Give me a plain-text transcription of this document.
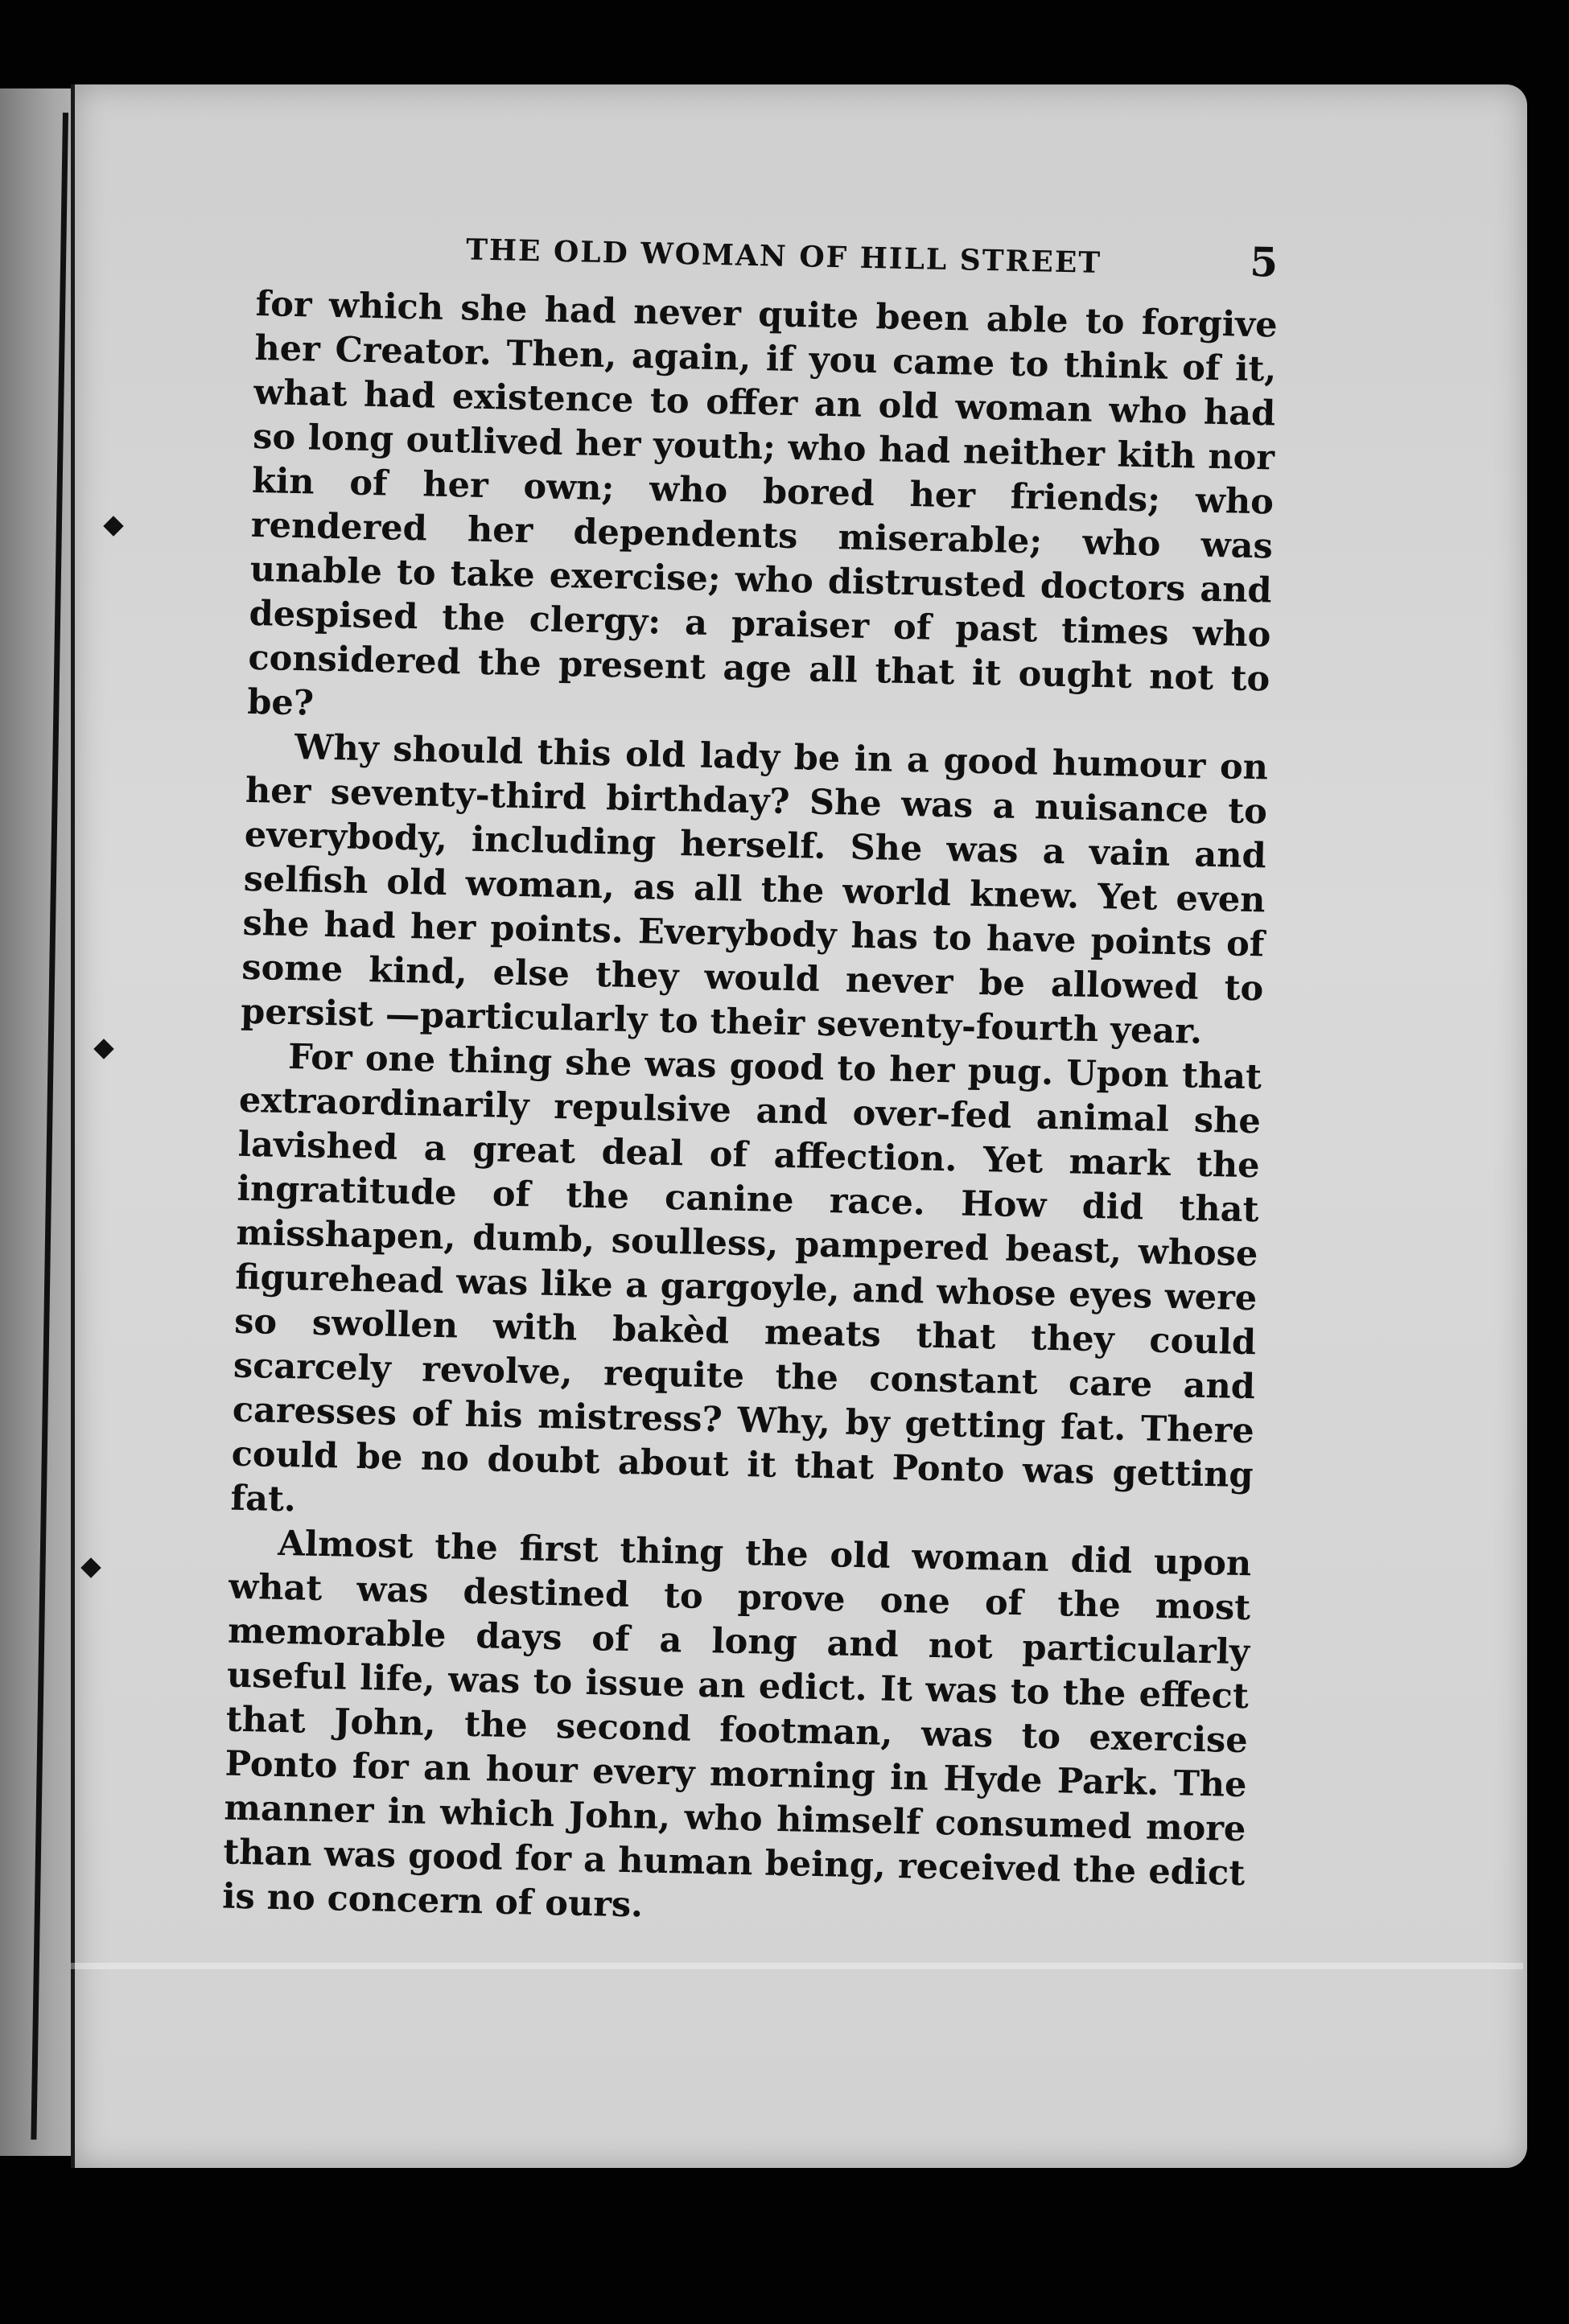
THE OLD WOMAN OF HILL STREET	5

for which she had never quite been able to forgive her Creator. Then, again, if you came to think of it, what had existence to offer an old woman who had so long outlived her youth; who had neither kith nor kin of her own; who bored her friends; who rendered her dependents miserable; who was unable to take exercise; who distrusted doctors and despised the clergy: a praiser of past times who considered the present age all that it ought not to be?

Why should this old lady be in a good humour on her seventy-third birthday? She was a nuisance to everybody, including herself. She was a vain and selfish old woman, as all the world knew. Yet even she had her points. Everybody has to have points of some kind, else they would never be allowed to persist —particularly to their seventy-fourth year.

For one thing she was good to her pug. Upon that extraordinarily repulsive and over-fed animal she lavished a great deal of affection. Yet mark the ingratitude of the canine race. How did that misshapen, dumb, soulless, pampered beast, whose figurehead was like a gargoyle, and whose eyes were so swollen with bakèd meats that they could scarcely revolve, requite the constant care and caresses of his mistress? Why, by getting fat. There could be no doubt about it that Ponto was getting fat.

Almost the first thing the old woman did upon what was destined to prove one of the most memorable days of a long and not particularly useful life, was to issue an edict. It was to the effect that John, the second footman, was to exercise Ponto for an hour every morning in Hyde Park. The manner in which John, who himself consumed more than was good for a human being, received the edict is no concern of ours.
